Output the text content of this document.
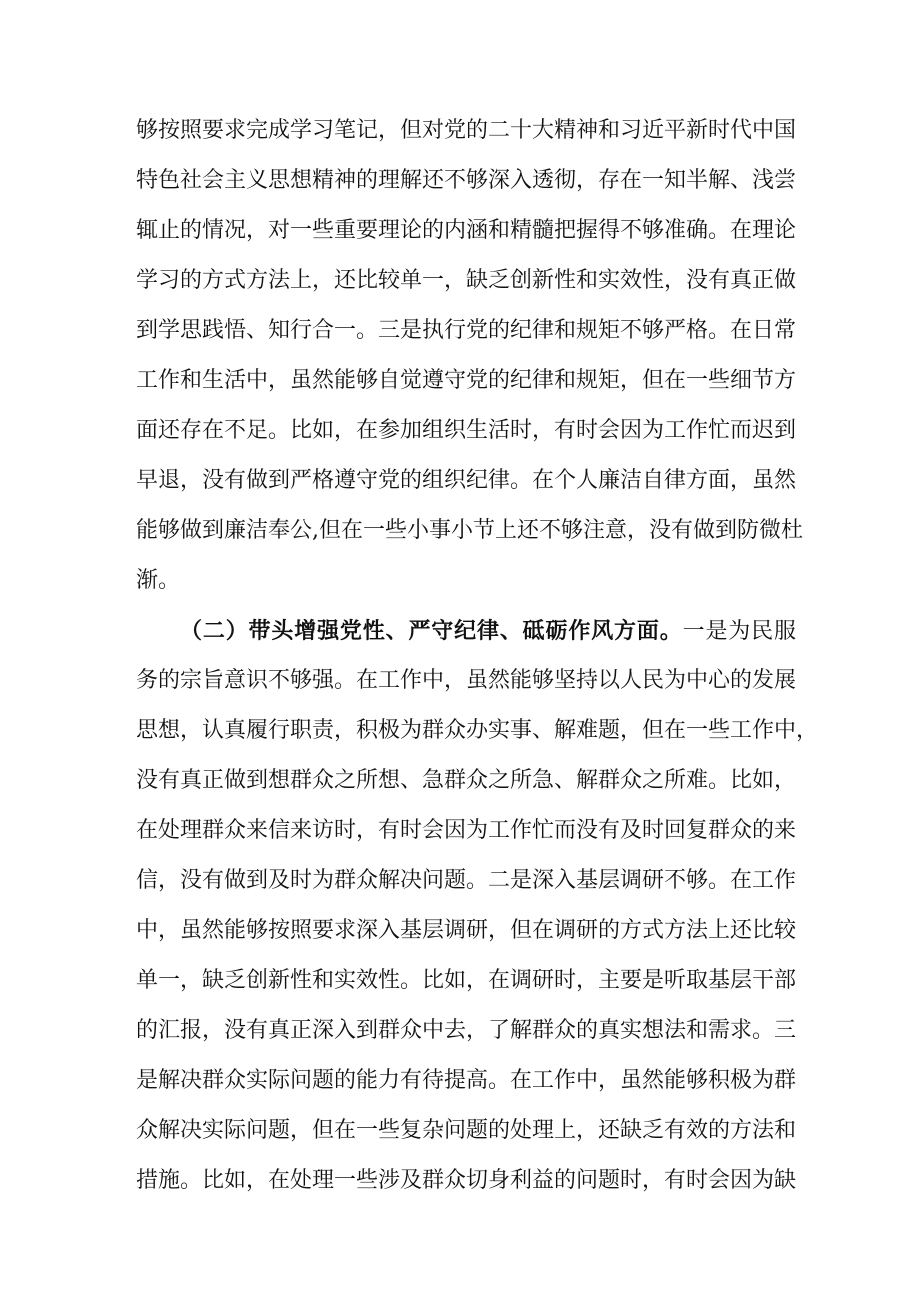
够按照要求完成学习笔记，但对党的二十大精神和习近平新时代中国
特色社会主义思想精神的理解还不够深入透彻，存在一知半解、浅尝
辄止的情况，对一些重要理论的内涵和精髓把握得不够准确。在理论
学习的方式方法上，还比较单一，缺乏创新性和实效性，没有真正做
到学思践悟、知行合一。三是执行党的纪律和规矩不够严格。在日常
工作和生活中，虽然能够自觉遵守党的纪律和规矩，但在一些细节方
面还存在不足。比如，在参加组织生活时，有时会因为工作忙而迟到
早退，没有做到严格遵守党的组织纪律。在个人廉洁自律方面，虽然
能够做到廉洁奉公,但在一些小事小节上还不够注意，没有做到防微杜
渐。
（二）带头增强党性、严守纪律、砥砺作风方面。一是为民服
务的宗旨意识不够强。在工作中，虽然能够坚持以人民为中心的发展
思想，认真履行职责，积极为群众办实事、解难题，但在一些工作中，
没有真正做到想群众之所想、急群众之所急、解群众之所难。比如，
在处理群众来信来访时，有时会因为工作忙而没有及时回复群众的来
信，没有做到及时为群众解决问题。二是深入基层调研不够。在工作
中，虽然能够按照要求深入基层调研，但在调研的方式方法上还比较
单一，缺乏创新性和实效性。比如，在调研时，主要是听取基层干部
的汇报，没有真正深入到群众中去，了解群众的真实想法和需求。三
是解决群众实际问题的能力有待提高。在工作中，虽然能够积极为群
众解决实际问题，但在一些复杂问题的处理上，还缺乏有效的方法和
措施。比如，在处理一些涉及群众切身利益的问题时，有时会因为缺
